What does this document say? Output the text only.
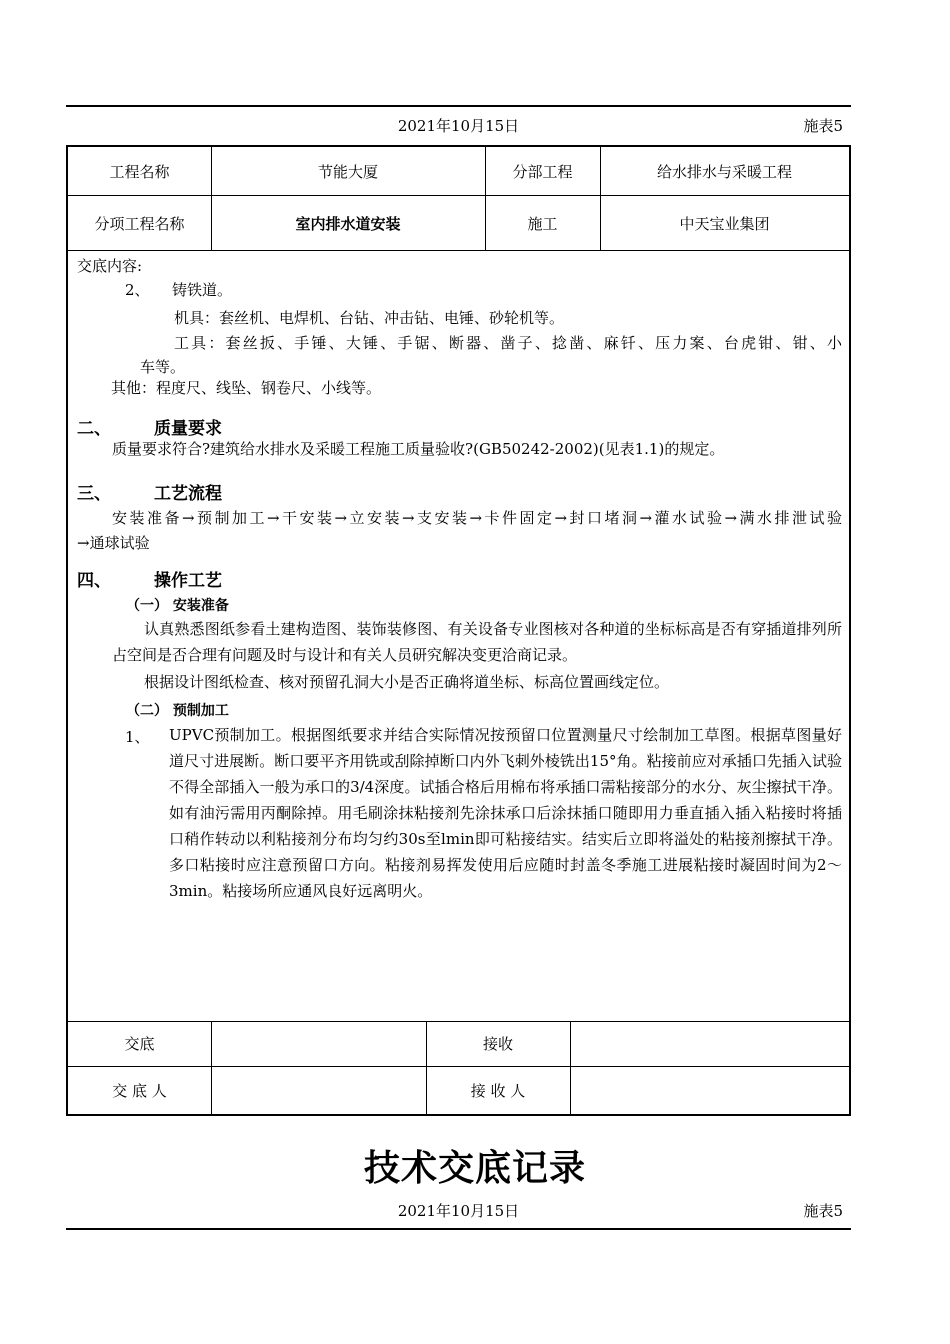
2021年10月15日	施表5
工程名称	节能大厦	分部工程	给水排水与采暖工程
分项工程名称	室内排水道安装	施工	中天宝业集团
交底内容:
2、 铸铁道。
机具：套丝机、电焊机、台钻、冲击钻、电锤、砂轮机等。
工具：套丝扳、手锤、大锤、手锯、断器、凿子、捻凿、麻钎、压力案、台虎钳、钳、小
车等。
其他：程度尺、线坠、钢卷尺、小线等。
二、	质量要求
质量要求符合?建筑给水排水及采暖工程施工质量验收?(GB50242-2002)(见表1.1)的规定。
三、	工艺流程
安装准备→预制加工→干安装→立安装→支安装→卡件固定→封口堵洞→灌水试验→满水排泄试验
→通球试验
四、	操作工艺
（一） 安装准备
认真熟悉图纸参看土建构造图、装饰装修图、有关设备专业图核对各种道的坐标标高是否有穿插道排列所占空间是否合理有问题及时与设计和有关人员研究解决变更洽商记录。
根据设计图纸检查、核对预留孔洞大小是否正确将道坐标、标高位置画线定位。
（二） 预制加工
1、 UPVC预制加工。根据图纸要求并结合实际情况按预留口位置测量尺寸绘制加工草图。根据草图量好道尺寸进展断。断口要平齐用铣或刮除掉断口内外飞刺外棱铣出15°角。粘接前应对承插口先插入试验不得全部插入一般为承口的3/4深度。试插合格后用棉布将承插口需粘接部分的水分、灰尘擦拭干净。如有油污需用丙酮除掉。用毛刷涂抹粘接剂先涂抹承口后涂抹插口随即用力垂直插入插入粘接时将插口稍作转动以利粘接剂分布均匀约30s至lmin即可粘接结实。结实后立即将溢处的粘接剂擦拭干净。多口粘接时应注意预留口方向。粘接剂易挥发使用后应随时封盖冬季施工进展粘接时凝固时间为2～3min。粘接场所应通风良好远离明火。
交底	接收
交 底 人	接 收 人
技术交底记录
2021年10月15日	施表5
